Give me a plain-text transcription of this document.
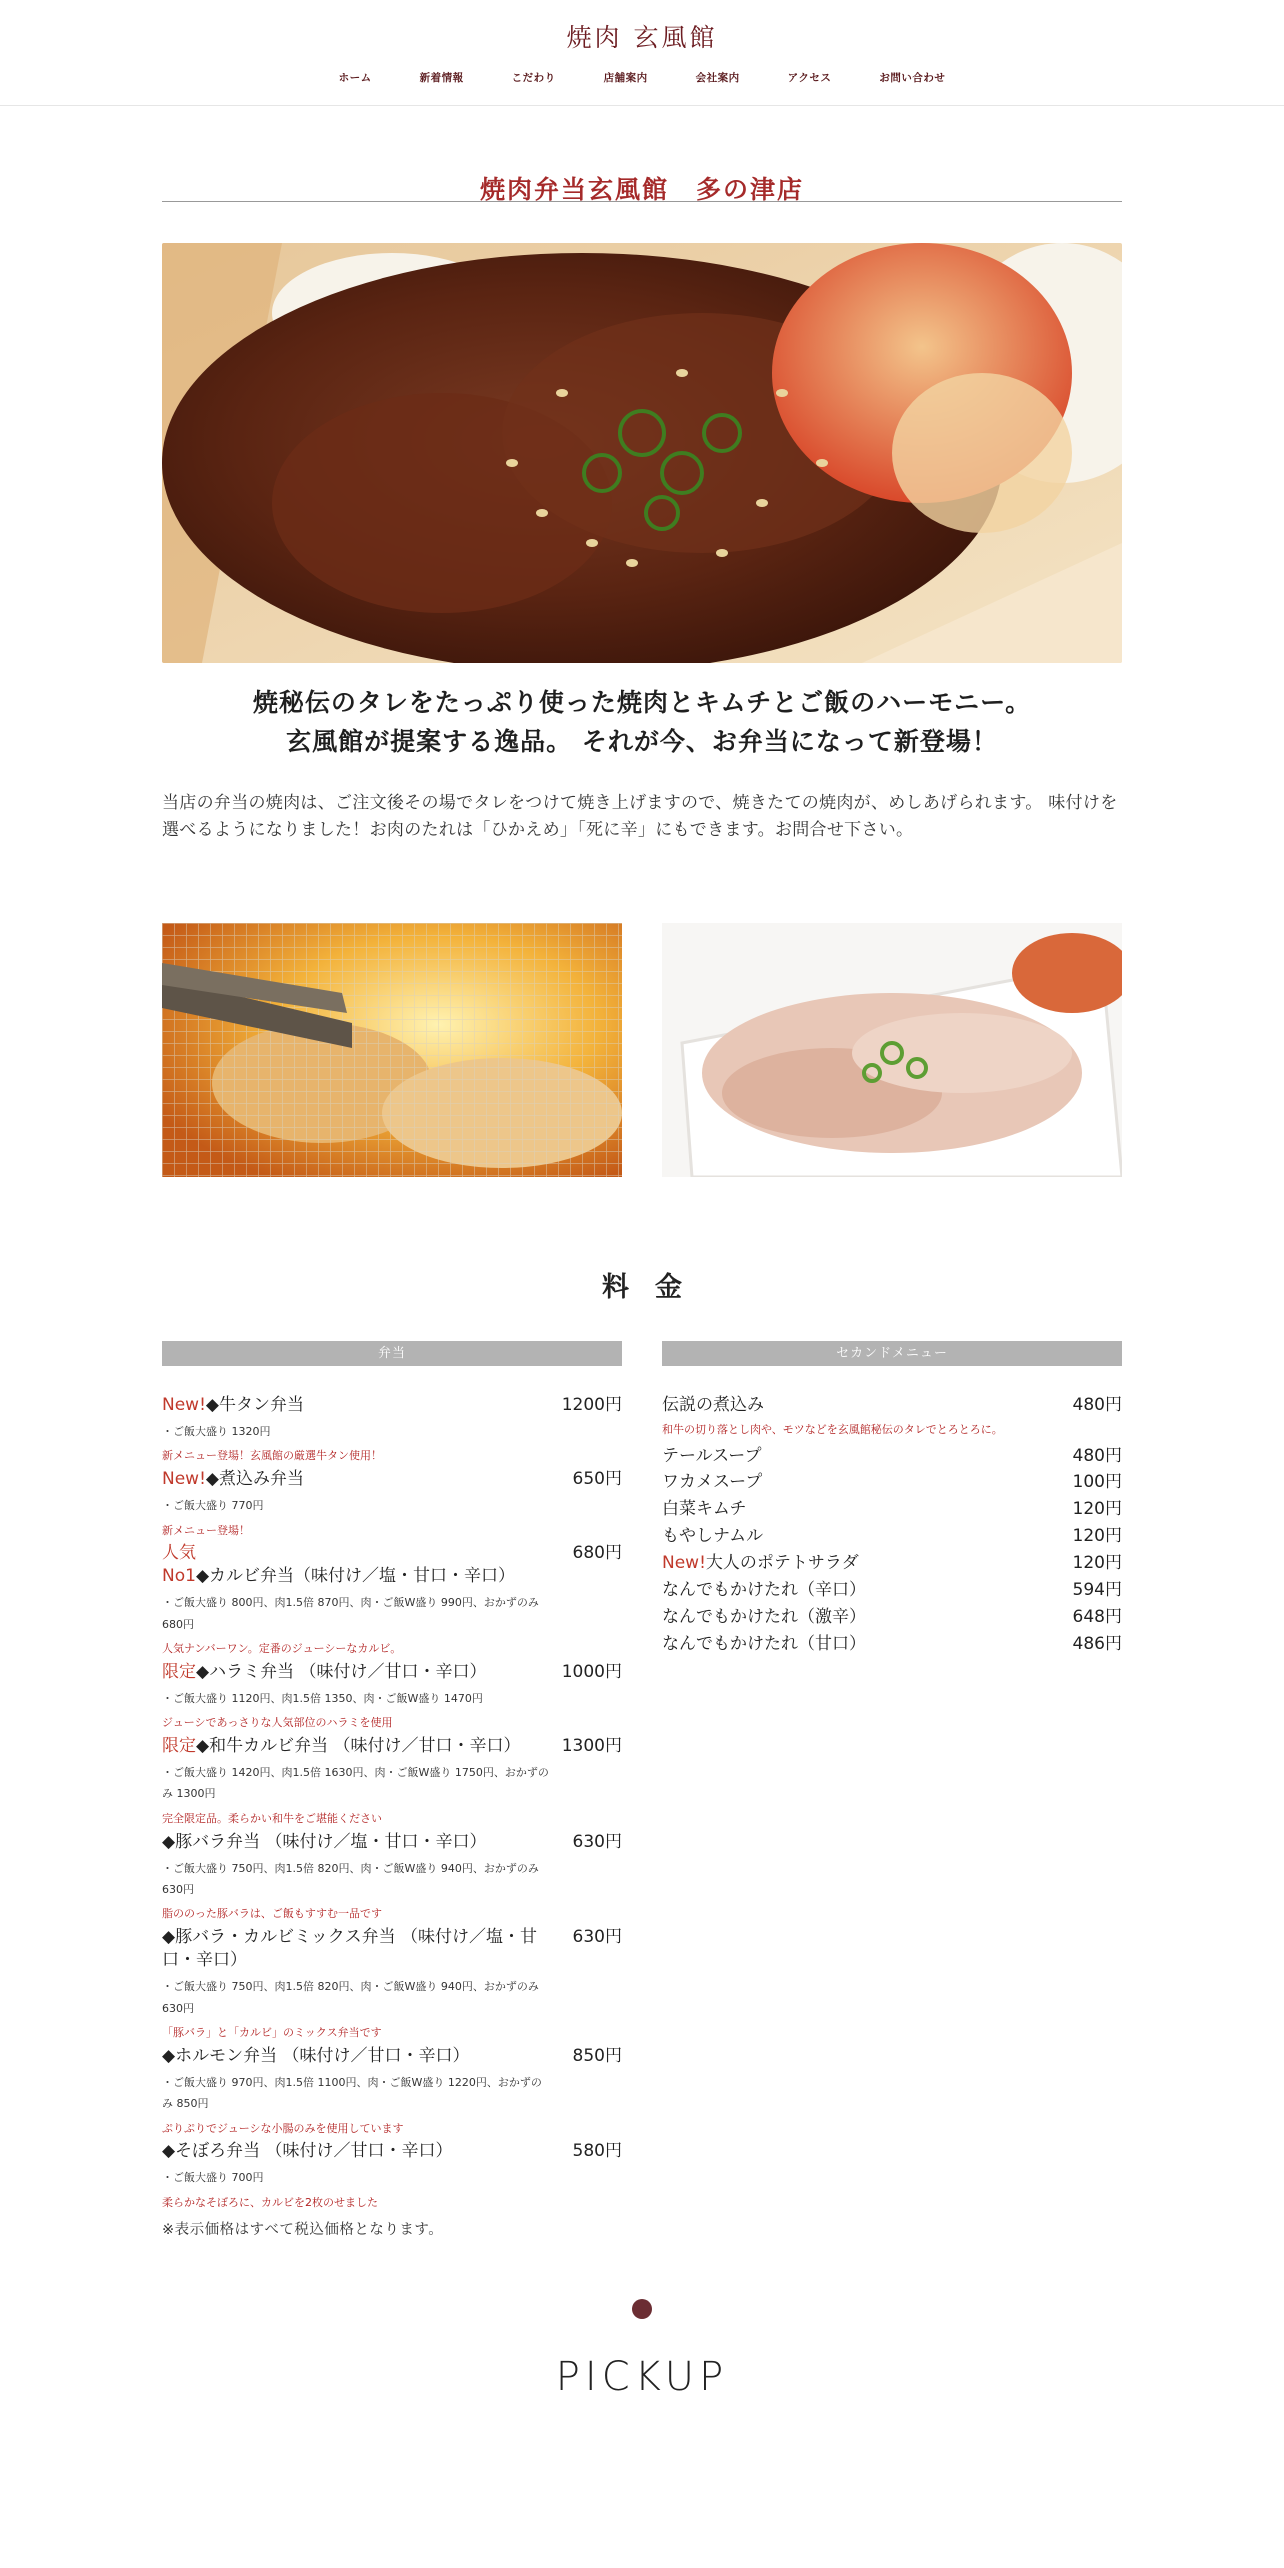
焼肉 玄風館
ホーム	新着情報	こだわり	店舗案内	会社案内	アクセス	お問い合わせ
焼肉弁当玄風館　多の津店
焼秘伝のタレをたっぷり使った焼肉とキムチとご飯のハーモニー。
玄風館が提案する逸品。 それが今、お弁当になって新登場！

当店の弁当の焼肉は、ご注文後その場でタレをつけて焼き上げますので、焼きたての焼肉が、めしあげられます。 味付けを選べるようになりました！お肉のたれは「ひかえめ」「死に辛」にもできます。お問合せ下さい。

料金
弁当
New!◆牛タン弁当	1200円
・ご飯大盛り 1320円
新メニュー登場！玄風館の厳選牛タン使用！
New!◆煮込み弁当	650円
・ご飯大盛り 770円
新メニュー登場！
人気No1◆カルビ弁当（味付け／塩・甘口・辛口）
680円
・ご飯大盛り 800円、肉1.5倍 870円、肉・ご飯W盛り 990円、おかずのみ 680円
人気ナンバーワン。定番のジューシーなカルビ。
限定◆ハラミ弁当 （味付け／甘口・辛口）	1000円
・ご飯大盛り 1120円、肉1.5倍 1350、肉・ご飯W盛り 1470円
ジューシであっさりな人気部位のハラミを使用
限定◆和牛カルビ弁当 （味付け／甘口・辛口）	1300円
・ご飯大盛り 1420円、肉1.5倍 1630円、肉・ご飯W盛り 1750円、おかずのみ 1300円
完全限定品。柔らかい和牛をご堪能ください
◆豚バラ弁当 （味付け／塩・甘口・辛口）	630円
・ご飯大盛り 750円、肉1.5倍 820円、肉・ご飯W盛り 940円、おかずのみ 630円
脂ののった豚バラは、ご飯もすすむ一品です
◆豚バラ・カルビミックス弁当 （味付け／塩・甘口・辛口）
630円
・ご飯大盛り 750円、肉1.5倍 820円、肉・ご飯W盛り 940円、おかずのみ 630円
「豚バラ」と「カルビ」のミックス弁当です
◆ホルモン弁当 （味付け／甘口・辛口）	850円
・ご飯大盛り 970円、肉1.5倍 1100円、肉・ご飯W盛り 1220円、おかずのみ 850円
ぷりぷりでジューシな小腸のみを使用しています
◆そぼろ弁当 （味付け／甘口・辛口）	580円
・ご飯大盛り 700円
柔らかなそぼろに、カルビを2枚のせました
セカンドメニュー
伝説の煮込み	480円
和牛の切り落とし肉や、モツなどを玄風館秘伝のタレでとろとろに。
テールスープ	480円
ワカメスープ	100円
白菜キムチ	120円
もやしナムル	120円
New!大人のポテトサラダ	120円
なんでもかけたれ（辛口）	594円
なんでもかけたれ（激辛）	648円
なんでもかけたれ（甘口）	486円

※表示価格はすべて税込価格となります。

PICKUP
